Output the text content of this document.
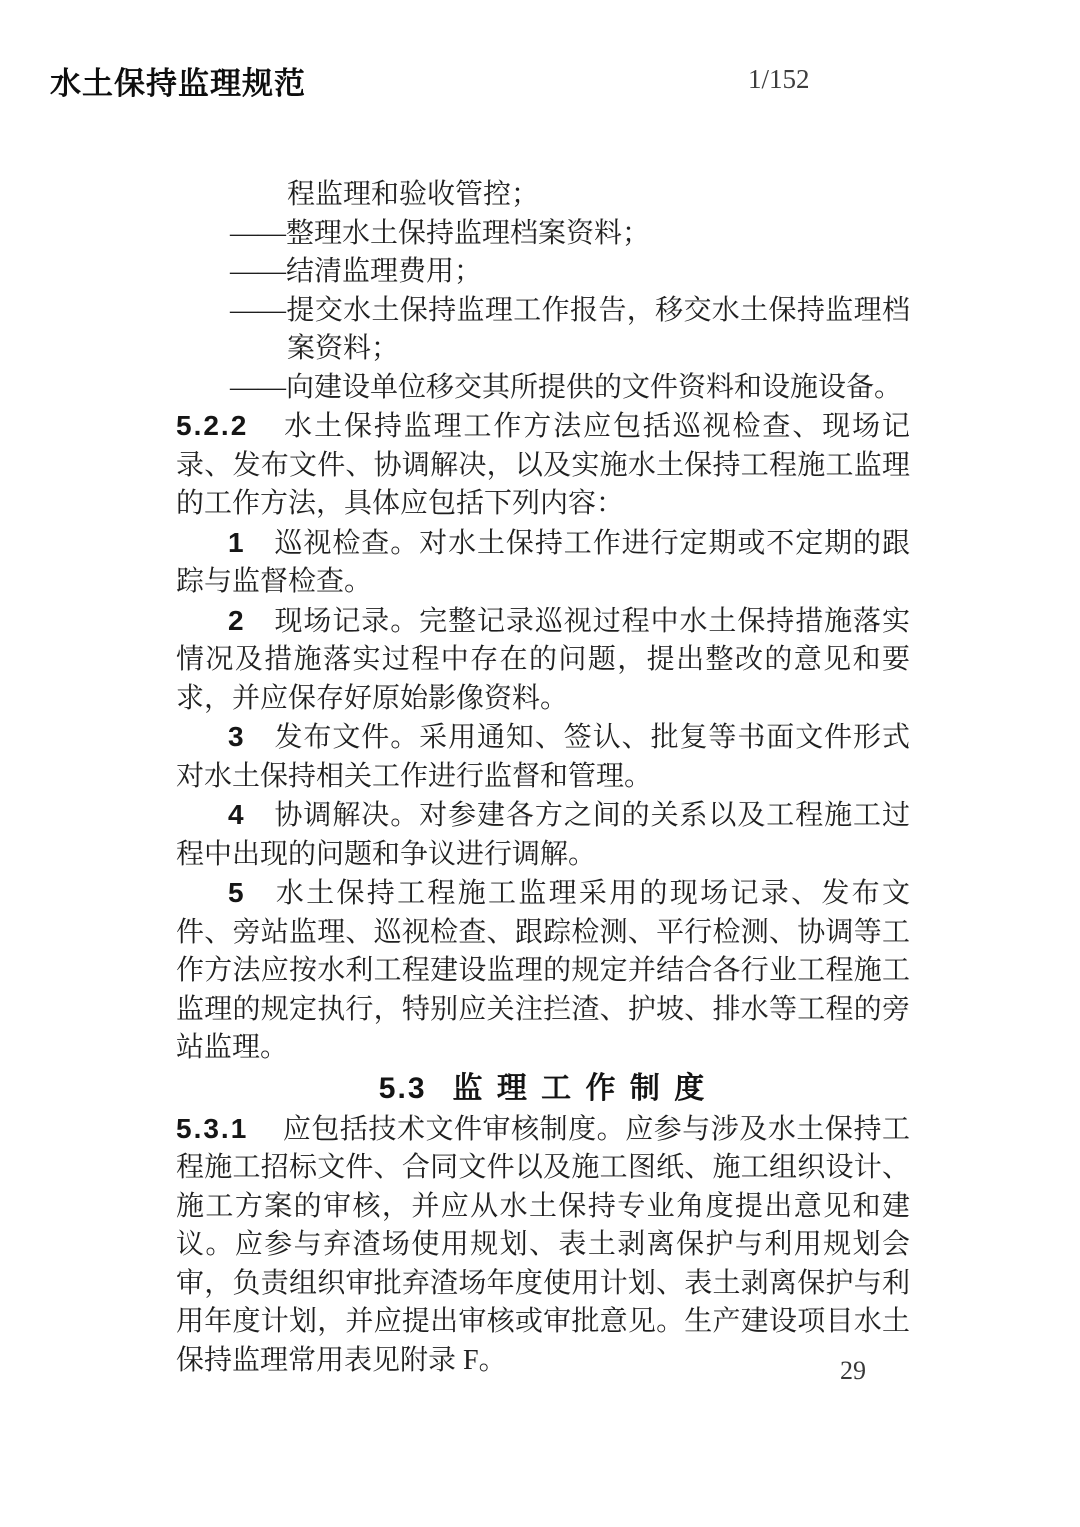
水土保持监理规范	1/152

程监理和验收管控；

——整理水土保持监理档案资料；

——结清监理费用；

——提交水土保持监理工作报告，移交水土保持监理档案资料；

——向建设单位移交其所提供的文件资料和设施设备。

5.2.2 水土保持监理工作方法应包括巡视检查、现场记录、发布文件、协调解决，以及实施水土保持工程施工监理的工作方法，具体应包括下列内容：

1 巡视检查。对水土保持工作进行定期或不定期的跟踪与监督检查。

2 现场记录。完整记录巡视过程中水土保持措施落实情况及措施落实过程中存在的问题，提出整改的意见和要求，并应保存好原始影像资料。

3 发布文件。采用通知、签认、批复等书面文件形式对水土保持相关工作进行监督和管理。

4 协调解决。对参建各方之间的关系以及工程施工过程中出现的问题和争议进行调解。

5 水土保持工程施工监理采用的现场记录、发布文件、旁站监理、巡视检查、跟踪检测、平行检测、协调等工作方法应按水利工程建设监理的规定并结合各行业工程施工监理的规定执行，特别应关注拦渣、护坡、排水等工程的旁站监理。

5.3 监 理 工 作 制 度

5.3.1 应包括技术文件审核制度。应参与涉及水土保持工程施工招标文件、合同文件以及施工图纸、施工组织设计、施工方案的审核，并应从水土保持专业角度提出意见和建议。应参与弃渣场使用规划、表土剥离保护与利用规划会审，负责组织审批弃渣场年度使用计划、表土剥离保护与利用年度计划，并应提出审核或审批意见。生产建设项目水土保持监理常用表见附录 F。	29
